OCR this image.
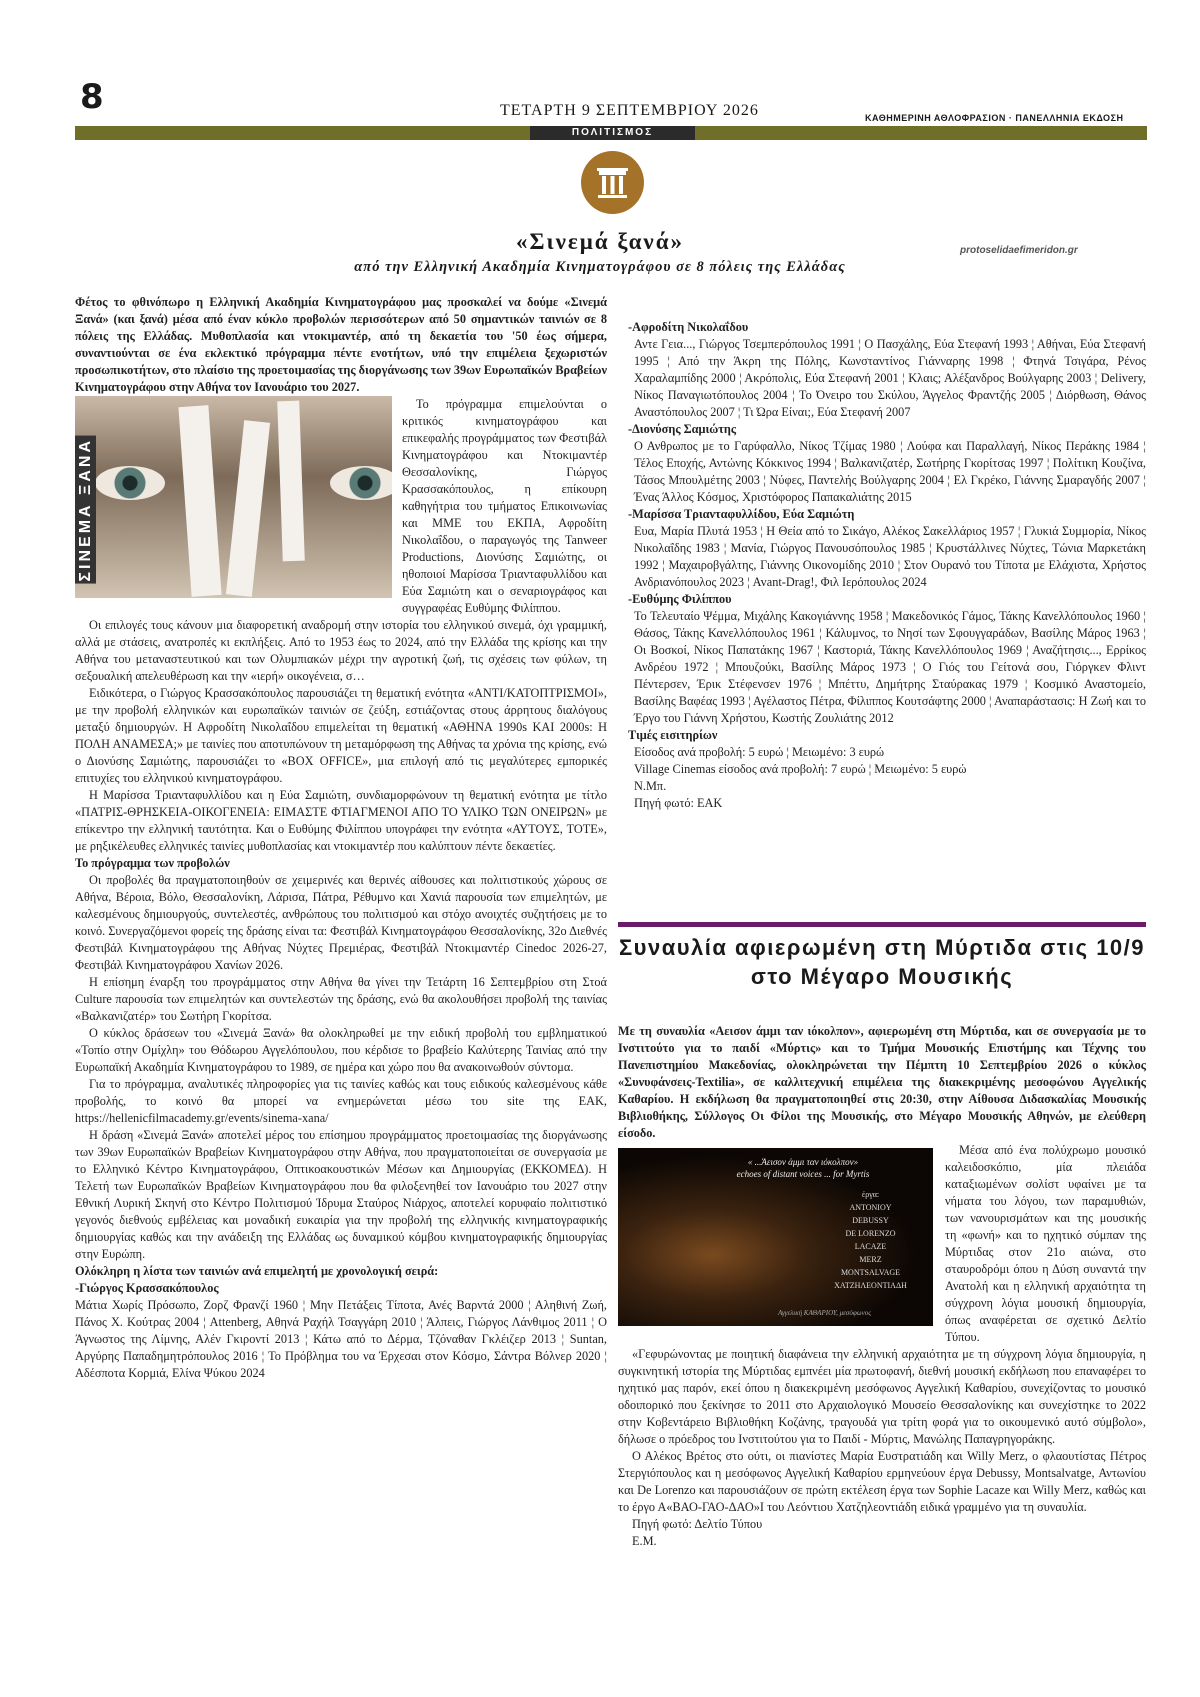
8	ΤΕΤΑΡΤΗ 9 ΣΕΠΤΕΜΒΡΙΟΥ 2026	ΚΑΘΗΜΕΡΙΝΗ ΑΘΛΟΦΡΑΣΙΟΝ · ΠΑΝΕΛΛΗΝΙΑ ΕΚΔΟΣΗ
ΠΟΛΙΤΙΣΜΟΣ
protoselidaefimeridon.gr
«Σινεμά ξανά»
από την Ελληνική Ακαδημία Κινηματογράφου σε 8 πόλεις της Ελλάδας

Φέτος το φθινόπωρο η Ελληνική Ακαδημία Κινηματογράφου μας προσκαλεί να δούμε «Σινεμά Ξανά» (και ξανά) μέσα από έναν κύκλο προβολών περισσότερων από 50 σημαντικών ταινιών σε 8 πόλεις της Ελλάδας. Μυθοπλασία και ντοκιμαντέρ, από τη δεκαετία του '50 έως σήμερα, συναντιούνται σε ένα εκλεκτικό πρόγραμμα πέντε ενοτήτων, υπό την επιμέλεια ξεχωριστών προσωπικοτήτων, στο πλαίσιο της προετοιμασίας της διοργάνωσης των 39ων Ευρωπαϊκών Βραβείων Κινηματογράφου στην Αθήνα τον Ιανουάριο του 2027.

ΣΙΝΕΜΑ ΞΑΝΑ

Το πρόγραμμα επιμελούνται ο κριτικός κινηματογράφου και επικεφαλής προγράμματος των Φεστιβάλ Κινηματογράφου και Ντοκιμαντέρ Θεσσαλονίκης, Γιώργος Κρασσακόπουλος, η επίκουρη καθηγήτρια του τμήματος Επικοινωνίας και ΜΜΕ του ΕΚΠΑ, Αφροδίτη Νικολαΐδου, ο παραγωγός της Tanweer Productions, Διονύσης Σαμιώτης, οι ηθοποιοί Μαρίσσα Τριανταφυλλίδου και Εύα Σαμιώτη και ο σεναριογράφος και συγγραφέας Ευθύμης Φιλίππου.

Οι επιλογές τους κάνουν μια διαφορετική αναδρομή στην ιστορία του ελληνικού σινεμά, όχι γραμμική, αλλά με στάσεις, ανατροπές κι εκπλήξεις. Από το 1953 έως το 2024, από την Ελλάδα της κρίσης και την Αθήνα του μεταναστευτικού και των Ολυμπιακών μέχρι την αγροτική ζωή, τις σχέσεις των φύλων, τη σεξουαλική απελευθέρωση και την «ιερή» οικογένεια, σ…

Ειδικότερα, ο Γιώργος Κρασσακόπουλος παρουσιάζει τη θεματική ενότητα «ΑΝΤΙ/ΚΑΤΟΠΤΡΙΣΜΟΙ», με την προβολή ελληνικών και ευρωπαϊκών ταινιών σε ζεύξη, εστιάζοντας στους άρρητους διαλόγους μεταξύ δημιουργών. Η Αφροδίτη Νικολαΐδου επιμελείται τη θεματική «ΑΘΗΝΑ 1990s ΚΑΙ 2000s: Η ΠΟΛΗ ΑΝΑΜΕΣΑ;» με ταινίες που αποτυπώνουν τη μεταμόρφωση της Αθήνας τα χρόνια της κρίσης, ενώ ο Διονύσης Σαμιώτης, παρουσιάζει το «BOX OFFICE», μια επιλογή από τις μεγαλύτερες εμπορικές επιτυχίες του ελληνικού κινηματογράφου.

Η Μαρίσσα Τριανταφυλλίδου και η Εύα Σαμιώτη, συνδιαμορφώνουν τη θεματική ενότητα με τίτλο «ΠΑΤΡΙΣ-ΘΡΗΣΚΕΙΑ-ΟΙΚΟΓΕΝΕΙΑ: ΕΙΜΑΣΤΕ ΦΤΙΑΓΜΕΝΟΙ ΑΠΟ ΤΟ ΥΛΙΚΟ ΤΩΝ ΟΝΕΙΡΩΝ» με επίκεντρο την ελληνική ταυτότητα. Και ο Ευθύμης Φιλίππου υπογράφει την ενότητα «ΑΥΤΟΥΣ, ΤΟΤΕ», με ρηξικέλευθες ελληνικές ταινίες μυθοπλασίας και ντοκιμαντέρ που καλύπτουν πέντε δεκαετίες.

Το πρόγραμμα των προβολών

Οι προβολές θα πραγματοποιηθούν σε χειμερινές και θερινές αίθουσες και πολιτιστικούς χώρους σε Αθήνα, Βέροια, Βόλο, Θεσσαλονίκη, Λάρισα, Πάτρα, Ρέθυμνο και Χανιά παρουσία των επιμελητών, με καλεσμένους δημιουργούς, συντελεστές, ανθρώπους του πολιτισμού και στόχο ανοιχτές συζητήσεις με το κοινό. Συνεργαζόμενοι φορείς της δράσης είναι τα: Φεστιβάλ Κινηματογράφου Θεσσαλονίκης, 32ο Διεθνές Φεστιβάλ Κινηματογράφου της Αθήνας Νύχτες Πρεμιέρας, Φεστιβάλ Ντοκιμαντέρ Cinedoc 2026-27, Φεστιβάλ Κινηματογράφου Χανίων 2026.

Η επίσημη έναρξη του προγράμματος στην Αθήνα θα γίνει την Τετάρτη 16 Σεπτεμβρίου στη Στοά Culture παρουσία των επιμελητών και συντελεστών της δράσης, ενώ θα ακολουθήσει προβολή της ταινίας «Βαλκανιζατέρ» του Σωτήρη Γκορίτσα.

Ο κύκλος δράσεων του «Σινεμά Ξανά» θα ολοκληρωθεί με την ειδική προβολή του εμβληματικού «Τοπίο στην Ομίχλη» του Θόδωρου Αγγελόπουλου, που κέρδισε το βραβείο Καλύτερης Ταινίας από την Ευρωπαϊκή Ακαδημία Κινηματογράφου το 1989, σε ημέρα και χώρο που θα ανακοινωθούν σύντομα.

Για το πρόγραμμα, αναλυτικές πληροφορίες για τις ταινίες καθώς και τους ειδικούς καλεσμένους κάθε προβολής, το κοινό θα μπορεί να ενημερώνεται μέσω του site της ΕΑΚ, https://hellenicfilmacademy.gr/events/sinema-xana/

Η δράση «Σινεμά Ξανά» αποτελεί μέρος του επίσημου προγράμματος προετοιμασίας της διοργάνωσης των 39ων Ευρωπαϊκών Βραβείων Κινηματογράφου στην Αθήνα, που πραγματοποιείται σε συνεργασία με το Ελληνικό Κέντρο Κινηματογράφου, Οπτικοακουστικών Μέσων και Δημιουργίας (ΕΚΚΟΜΕΔ). Η Τελετή των Ευρωπαϊκών Βραβείων Κινηματογράφου που θα φιλοξενηθεί τον Ιανουάριο του 2027 στην Εθνική Λυρική Σκηνή στο Κέντρο Πολιτισμού Ίδρυμα Σταύρος Νιάρχος, αποτελεί κορυφαίο πολιτιστικό γεγονός διεθνούς εμβέλειας και μοναδική ευκαιρία για την προβολή της ελληνικής κινηματογραφικής δημιουργίας καθώς και την ανάδειξη της Ελλάδας ως δυναμικού κόμβου κινηματογραφικής δημιουργίας στην Ευρώπη.

Ολόκληρη η λίστα των ταινιών ανά επιμελητή με χρονολογική σειρά:

-Γιώργος Κρασσακόπουλος

Μάτια Χωρίς Πρόσωπο, Ζορζ Φρανζί 1960 ¦ Μην Πετάξεις Τίποτα, Ανές Βαρντά 2000 ¦ Αληθινή Ζωή, Πάνος Χ. Κούτρας 2004 ¦ Attenberg, Αθηνά Ραχήλ Τσαγγάρη 2010 ¦ Άλπεις, Γιώργος Λάνθιμος 2011 ¦ Ο Άγνωστος της Λίμνης, Αλέν Γκιροντί 2013 ¦ Κάτω από το Δέρμα, Τζόναθαν Γκλέιζερ 2013 ¦ Suntan, Αργύρης Παπαδημητρόπουλος 2016 ¦ Το Πρόβλημα του να Έρχεσαι στον Κόσμο, Σάντρα Βόλνερ 2020 ¦ Αδέσποτα Κορμιά, Ελίνα Ψύκου 2024

-Αφροδίτη Νικολαΐδου

Αντε Γεια..., Γιώργος Τσεμπερόπουλος 1991 ¦ Ο Πασχάλης, Εύα Στεφανή 1993 ¦ Αθήναι, Εύα Στεφανή 1995 ¦ Από την Άκρη της Πόλης, Κωνσταντίνος Γιάνναρης 1998 ¦ Φτηνά Τσιγάρα, Ρένος Χαραλαμπίδης 2000 ¦ Ακρόπολις, Εύα Στεφανή 2001 ¦ Κλαις; Αλέξανδρος Βούλγαρης 2003 ¦ Delivery, Νίκος Παναγιωτόπουλος 2004 ¦ Το Όνειρο του Σκύλου, Άγγελος Φραντζής 2005 ¦ Διόρθωση, Θάνος Αναστόπουλος 2007 ¦ Τι Ώρα Είναι;, Εύα Στεφανή 2007

-Διονύσης Σαμιώτης

Ο Ανθρωπος με το Γαρύφαλλο, Νίκος Τζίμας 1980 ¦ Λούφα και Παραλλαγή, Νίκος Περάκης 1984 ¦ Τέλος Εποχής, Αντώνης Κόκκινος 1994 ¦ Βαλκανιζατέρ, Σωτήρης Γκορίτσας 1997 ¦ Πολίτικη Κουζίνα, Τάσος Μπουλμέτης 2003 ¦ Νύφες, Παντελής Βούλγαρης 2004 ¦ Ελ Γκρέκο, Γιάννης Σμαραγδής 2007 ¦ Ένας Άλλος Κόσμος, Χριστόφορος Παπακαλιάτης 2015

-Μαρίσσα Τριανταφυλλίδου, Εύα Σαμιώτη

Ευα, Μαρία Πλυτά 1953 ¦ Η Θεία από το Σικάγο, Αλέκος Σακελλάριος 1957 ¦ Γλυκιά Συμμορία, Νίκος Νικολαΐδης 1983 ¦ Μανία, Γιώργος Πανουσόπουλος 1985 ¦ Κρυστάλλινες Νύχτες, Τώνια Μαρκετάκη 1992 ¦ Μαχαιροβγάλτης, Γιάννης Οικονομίδης 2010 ¦ Στον Ουρανό του Τίποτα με Ελάχιστα, Χρήστος Ανδριανόπουλος 2023 ¦ Avant-Drag!, Φιλ Ιερόπουλος 2024

-Ευθύμης Φιλίππου

Το Τελευταίο Ψέμμα, Μιχάλης Κακογιάννης 1958 ¦ Μακεδονικός Γάμος, Τάκης Κανελλόπουλος 1960 ¦ Θάσος, Τάκης Κανελλόπουλος 1961 ¦ Κάλυμνος, το Νησί των Σφουγγαράδων, Βασίλης Μάρος 1963 ¦ Οι Βοσκοί, Νίκος Παπατάκης 1967 ¦ Καστοριά, Τάκης Κανελλόπουλος 1969 ¦ Αναζήτησις..., Ερρίκος Ανδρέου 1972 ¦ Μπουζούκι, Βασίλης Μάρος 1973 ¦ Ο Γιός του Γείτονά σου, Γιόργκεν Φλιντ Πέντερσεν, Έρικ Στέφενσεν 1976 ¦ Μπέττυ, Δημήτρης Σταύρακας 1979 ¦ Κοσμικό Αναστομείο, Βασίλης Βαφέας 1993 ¦ Αγέλαστος Πέτρα, Φίλιππος Κουτσάφτης 2000 ¦ Αναπαράστασις: Η Ζωή και το Έργο του Γιάννη Χρήστου, Κωστής Ζουλιάτης 2012

Τιμές εισιτηρίων

Είσοδος ανά προβολή: 5 ευρώ ¦ Μειωμένο: 3 ευρώ

Village Cinemas είσοδος ανά προβολή: 7 ευρώ ¦ Μειωμένο: 5 ευρώ

Ν.Μπ.

Πηγή φωτό: ΕΑΚ

Συναυλία αφιερωμένη στη Μύρτιδα στις 10/9 στο Μέγαρο Μουσικής

Με τη συναυλία «Αεισον άμμι ταν ιόκολπον», αφιερωμένη στη Μύρτιδα, και σε συνεργασία με το Ινστιτούτο για το παιδί «Μύρτις» και το Τμήμα Μουσικής Επιστήμης και Τέχνης του Πανεπιστημίου Μακεδονίας, ολοκληρώνεται την Πέμπτη 10 Σεπτεμβρίου 2026 ο κύκλος «Συνυφάνσεις-Textilia», σε καλλιτεχνική επιμέλεια της διακεκριμένης μεσοφώνου Αγγελικής Καθαρίου. Η εκδήλωση θα πραγματοποιηθεί στις 20:30, στην Αίθουσα Διδασκαλίας Μουσικής Βιβλιοθήκης, Σύλλογος Οι Φίλοι της Μουσικής, στο Μέγαρο Μουσικής Αθηνών, με ελεύθερη είσοδο.

« ...Άεισον άμμι ταν ιόκολπον»
echoes of distant voices ... for Myrtis
έργα:
ANTONIOY
DEBUSSY
DE LORENZO
LACAZE
MERZ
MONTSALVAGE
ΧΑΤΖΗΛΕΟΝΤΙΑΔΗ
Αγγελική ΚΑΘΑΡΙΟΥ, μεσόφωνος

Μέσα από ένα πολύχρωμο μουσικό καλειδοσκόπιο, μία πλειάδα καταξιωμένων σολίστ υφαίνει με τα νήματα του λόγου, των παραμυθιών, των νανουρισμάτων και της μουσικής τη «φωνή» και το ηχητικό σύμπαν της Μύρτιδας στον 21ο αιώνα, στο σταυροδρόμι όπου η Δύση συναντά την Ανατολή και η ελληνική αρχαιότητα τη σύγχρονη λόγια μουσική δημιουργία, όπως αναφέρεται σε σχετικό Δελτίο Τύπου.

«Γεφυρώνοντας με ποιητική διαφάνεια την ελληνική αρχαιότητα με τη σύγχρονη λόγια δημιουργία, η συγκινητική ιστορία της Μύρτιδας εμπνέει μία πρωτοφανή, διεθνή μουσική εκδήλωση που επαναφέρει το ηχητικό μας παρόν, εκεί όπου η διακεκριμένη μεσόφωνος Αγγελική Καθαρίου, συνεχίζοντας το μουσικό οδοιπορικό που ξεκίνησε το 2011 στο Αρχαιολογικό Μουσείο Θεσσαλονίκης και συνεχίστηκε το 2022 στην Κοβεντάρειο Βιβλιοθήκη Κοζάνης, τραγουδά για τρίτη φορά για το οικουμενικό αυτό σύμβολο», δήλωσε ο πρόεδρος του Ινστιτούτου για το Παιδί - Μύρτις, Μανώλης Παπαγρηγοράκης.

Ο Αλέκος Βρέτος στο ούτι, οι πιανίστες Μαρία Ευστρατιάδη και Willy Merz, ο φλαουτίστας Πέτρος Στεργιόπουλος και η μεσόφωνος Αγγελική Καθαρίου ερμηνεύουν έργα Debussy, Montsalvatge, Αντωνίου και De Lorenzo και παρουσιάζουν σε πρώτη εκτέλεση έργα των Sophie Lacaze και Willy Merz, καθώς και το έργο Α«ΒΑΟ-ΓΑΟ-ΔΑΟ»Ι του Λεόντιου Χατζηλεοντιάδη ειδικά γραμμένο για τη συναυλία.

Πηγή φωτό: Δελτίο Τύπου

Ε.Μ.
